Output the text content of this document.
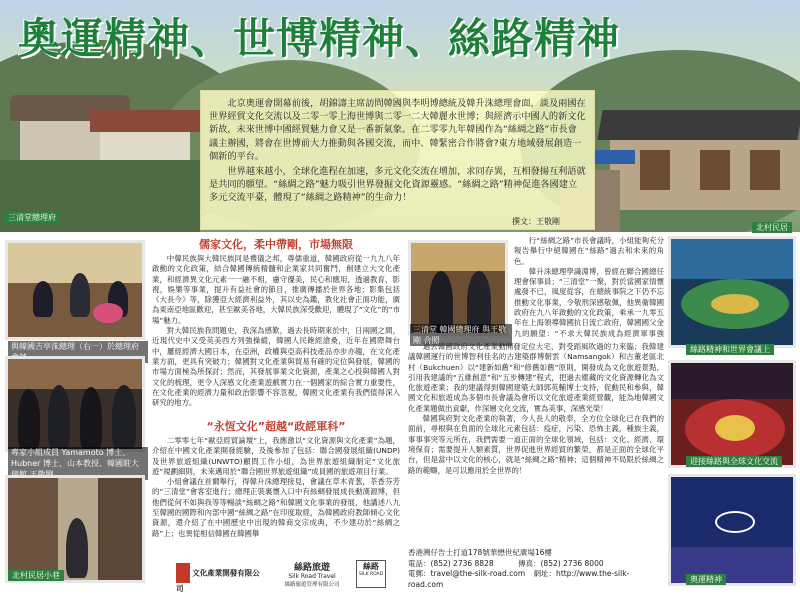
奧運精神、世博精神、絲路精神

北京奧運會開幕前後，胡錦濤主席訪問韓國與李明博總統及韓升洙總理會面，談及兩國在世界經貿文化交流以及二零一零上海世博與二零一二大韓麗水世博；與經濟示中國人的新文化新故，未來世博中國經貿魅力會又是一番新氣象。在二零零九年韓國作為“絲綢之路”市長會議主辦國，將會在世博前大力推動與各國交流，而中、韓緊密合作將會?東方地域發展創造一個新的平台。

世界越來越小，全球化進程在加速，多元文化交流在增加，求同存異，互相發揚互利語就是共同的願望。“絲綢之路”魅力吸引世界發掘文化資源靈感。“絲綢之路”精神促進各國建立多元交流平臺，體現了“絲綢之路精神”的生命力！

撰文：王敬剛
三清堂總理府
北村民居
與韓國吉亭洙總理（右一）於總理府
專家小組成員 Yamamoto 博士、Hubner 博士、山本教授、韓國駐大
北村民居小巷
儒家文化，柔中帶剛，市場無限

中韓民族與大韓民族同是禮儀之邦，尊儒重道，韓國政府從一九九八年啟動的文化政策，結合韓國傳統精髓和企業家共同奮鬥，創建立大文化產業，和經濟異文化元素一一融不相，慮守優美，民心和應用，透過教育，影視，娛樂等事業，提升有益社會的節目，推廣傳播於世界各地；影集包括《大長今》等，除獲亞大經濟利益外，其以史為鑑，教化社會正面功能，廣為東南亞地區歡迎，甚至歐美各地，大韓民族深受歡迎，體現了“文化”的“市場”魅力。

對大韓民族我問題史，我深為感歎，過去長時期來於中，日兩國之間，近現代史中又受英美西方列強操縱，韓國人民飽經滄桑，近年在國際舞台中，屢經經濟大國日本，在亞洲，政權與亞高科技產品亦步亦趨，在文化產業方面，更具有突破力；韓國對文化產業與貿易有確的定位與發展，韓國的市場方面極為所探討；然而，其發展事業文化資源，產業之心投與韓國人對文化的梳理，更令人深感文化產業遊戲實力在一個國家的綜合實力重要性，在文化產業的經濟力量和政治影響不容忽視，韓國文化產業有我們值得深入研究的地方。

“永恆文化”超越“政經軍科”

二零零七年“歐亞經貿論壇”上，我應激以“文化資源與文化產業”為題，介紹在中國文化產業開發經驗，及後參加了包括：聯合國發展組織(UNDP)及世界旅遊組織(UNWTO)顧問工作小組，為世界旅遊組織制定“文化旅遊”規劃細則，未來邁用於“聯合國世界旅遊組織”成員國的旅遊項目行業。

小組會議在首爾舉行，得韓升洙總理接見，會議在草木青葱，茶香芬芳的“三清堂”會客室進行；總理正裝裏懷入口中有絲綢發展成長動漢源博，但他們從何不如與我等等暢談“絲綢之路”和韓國文化事業的發展，他講述八九至韓國的國際和內部中國“絲綢之路”在印度取經，為韓國政府教師傾心文化資源，還介紹了在中國歷史中出現的韓商交宗成典，不少建功於“絲綢之路”上；也異從相信韓國在韓國舉

文化產業開發有限公司
絲路旅遊
Silk Road Travel
絲路旅遊管理有限公司
絲路
SILK ROAD
三清堂 韓國總理府 與王敬剛 合照

行“絲綢之路”市長會議時，小組能夠充分報告舉行中絕韓國在“絲路”過去和未來的角色。

韓升洙總理學識淵博，曾經在聯合國總任理會保事員；“三清堂”一聚，對於當國家情懷處發不已，風度從容，在總統事院之下仍不忘推動文化事業，令敬刑深感敬佩，他異衛韓國政府在九八年啟動的文化政策，乘承一九零五年在上海領導韓國抗日流亡政府，韓國國父金九的願望：“不求大韓民族成為經濟軍事強

過去韓國政府文化產業動開發定位大宅，對受蹈風吹過的力來臨；我韓建議韓國運行的世博智利佳名的古建築群博朝雲（Namsangok）和古董老區北村（Bukchuen）以“建新如舊”和“修舊如舊”原則，開發成為文化旅遊景點，引用我建議的“五維創意”和“五步轉建”程式，把過去塵藏的文化資源轉化為文化旅遊產業；我的建議得到韓國建築大師郭英輔博士支持，促動民和參與，韓國文化和旅遊成為多個市長會議為會所以文化旅遊產業經營觀，能為地韓國文化產業題做出貢獻，作深層文化交流，實為美事，深感光榮！

韓國與府對文化產業的執著，今人長人的敬奉，全方位全球化已在我們的面前，尋根與在負面的全球化元素包括：疫症，污染、恐怖主義，種族主義，事事事突等元所在，我們需要一道正面的全球化領域，包括：文化、經濟、環境保育；需要提升人類素質，世界促進世界經貿的繁榮，都是正面的全球化平台，但是當中以文化的核心，就是“絲綢之路”精神；這個精神不局限於絲綢之路的範疇，是可以應用於全世界的！

香港灣仔告士打道178號華懋世紀廣場16樓
電話：(852) 2736 8828	傳真：(852) 2736 8000
電郵：travel@the-silk-road.com 網址：http://www.the-silk-road.com
絲路精神和世界會議上
迎接絲路與全球文化交流
奧運精神
